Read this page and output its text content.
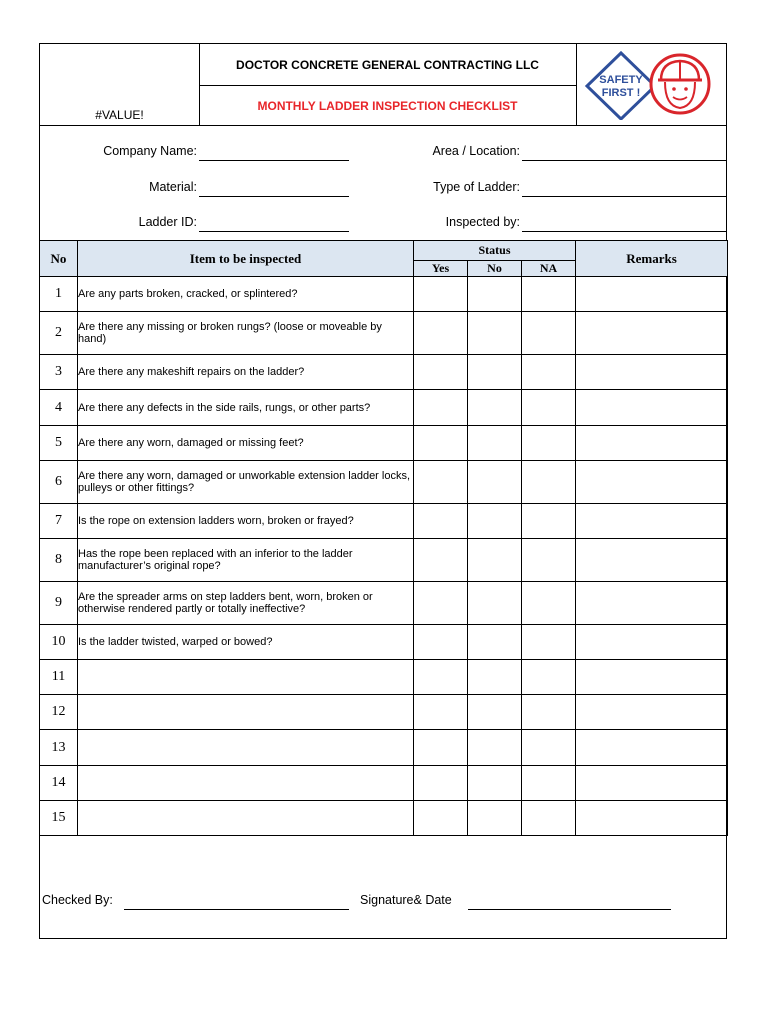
#VALUE!
DOCTOR CONCRETE GENERAL CONTRACTING LLC
MONTHLY LADDER INSPECTION CHECKLIST
SAFETY
FIRST !
Company Name:
Material:
Ladder ID:
Area / Location:
Type of Ladder:
Inspected by:
No	Item to be inspected	Status			Remarks
		Yes	No	NA	
1	Are any parts broken, cracked, or splintered?				
2	Are there any missing or broken rungs? (loose or moveable by hand)				
3	Are there any makeshift repairs on the ladder?				
4	Are there any defects in the side rails, rungs, or other parts?				
5	Are there any worn, damaged or missing feet?				
6	Are there any worn, damaged or unworkable extension ladder locks, pulleys or other fittings?				
7	Is the rope on extension ladders worn, broken or frayed?				
8	Has the rope been replaced with an inferior to the ladder manufacturer’s original rope?				
9	Are the spreader arms on step ladders bent, worn, broken or otherwise rendered partly or totally ineffective?				
10	Is the ladder twisted, warped or bowed?				
11					
12					
13					
14					
15					
Checked By:	Signature& Date
